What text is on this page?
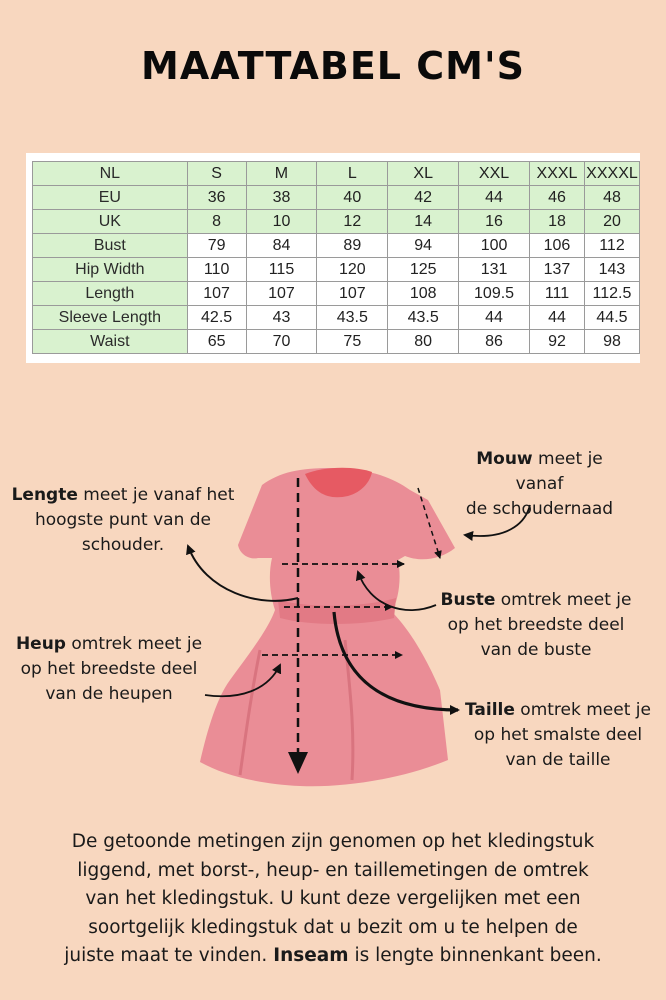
MAATTABEL CM'S
NL	S	M	L	XL	XXL	XXXL	XXXXL
EU	36	38	40	42	44	46	48
UK	8	10	12	14	16	18	20
Bust	79	84	89	94	100	106	112
Hip Width	110	115	120	125	131	137	143
Length	107	107	107	108	109.5	111	112.5
Sleeve Length	42.5	43	43.5	43.5	44	44	44.5
Waist	65	70	75	80	86	92	98
Lengte meet je vanaf het
hoogste punt van de
schouder.
Mouw meet je vanaf
de schoudernaad
Buste omtrek meet je
op het breedste deel
van de buste
Heup omtrek meet je
op het breedste deel
van de heupen
Taille omtrek meet je
op het smalste deel
van de taille
De getoonde metingen zijn genomen op het kledingstuk
liggend, met borst-, heup- en taillemetingen de omtrek
van het kledingstuk. U kunt deze vergelijken met een
soortgelijk kledingstuk dat u bezit om u te helpen de
juiste maat te vinden. Inseam is lengte binnenkant been.
